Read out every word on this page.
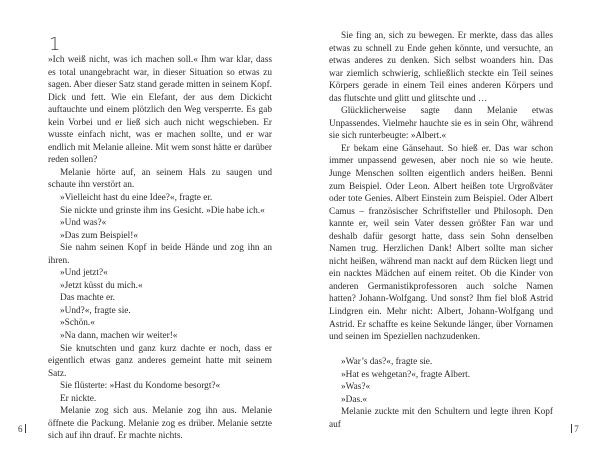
1

»Ich weiß nicht, was ich machen soll.« Ihm war klar, dass es total unangebracht war, in dieser Situation so etwas zu sagen. Aber dieser Satz stand gerade mitten in seinem Kopf. Dick und fett. Wie ein Elefant, der aus dem Dickicht auftauchte und einem plötzlich den Weg versperrte. Es gab kein Vorbei und er ließ sich auch nicht wegschieben. Er wusste einfach nicht, was er machen sollte, und er war endlich mit Melanie alleine. Mit wem sonst hätte er darüber reden sollen?

Melanie hörte auf, an seinem Hals zu saugen und schaute ihn verstört an.

»Vielleicht hast du eine Idee?«, fragte er.

Sie nickte und grinste ihm ins Gesicht. »Die habe ich.«

»Und was?«

»Das zum Beispiel!«

Sie nahm seinen Kopf in beide Hände und zog ihn an ihren.

»Und jetzt?«

»Jetzt küsst du mich.«

Das machte er.

»Und?«, fragte sie.

»Schön.«

»Na dann, machen wir weiter!«

Sie knutschten und ganz kurz dachte er noch, dass er eigentlich etwas ganz anderes gemeint hatte mit seinem Satz.

Sie flüsterte: »Hast du Kondome besorgt?«

Er nickte.

Melanie zog sich aus. Melanie zog ihn aus. Melanie öffnete die Packung. Melanie zog es drüber. Melanie setzte sich auf ihn drauf. Er machte nichts.

6

Sie fing an, sich zu bewegen. Er merkte, dass das alles etwas zu schnell zu Ende gehen könnte, und versuchte, an etwas anderes zu denken. Sich selbst woanders hin. Das war ziemlich schwierig, schließlich steckte ein Teil seines Körpers gerade in einem Teil eines anderen Körpers und das flutschte und glitt und glitschte und …

Glücklicherweise sagte dann Melanie etwas Unpassendes. Vielmehr hauchte sie es in sein Ohr, während sie sich runterbeugte: »Albert.«

Er bekam eine Gänsehaut. So hieß er. Das war schon immer unpassend gewesen, aber noch nie so wie heute. Junge Menschen sollten eigentlich anders heißen. Benni zum Beispiel. Oder Leon. Albert heißen tote Urgroßväter oder tote Genies. Albert Einstein zum Beispiel. Oder Albert Camus – französischer Schriftsteller und Philosoph. Den kannte er, weil sein Vater dessen größter Fan war und deshalb dafür gesorgt hatte, dass sein Sohn denselben Namen trug. Herzlichen Dank! Albert sollte man sicher nicht heißen, während man nackt auf dem Rücken liegt und ein nacktes Mädchen auf einem reitet. Ob die Kinder von anderen Germanistikprofessoren auch solche Namen hatten? Johann-Wolfgang. Und sonst? Ihm fiel bloß Astrid Lindgren ein. Mehr nicht: Albert, Johann-Wolfgang und Astrid. Er schaffte es keine Sekunde länger, über Vornamen und seinen im Speziellen nachzudenken.

»War’s das?«, fragte sie.

»Hat es wehgetan?«, fragte Albert.

»Was?«

»Das.«

Melanie zuckte mit den Schultern und legte ihren Kopf auf	7
